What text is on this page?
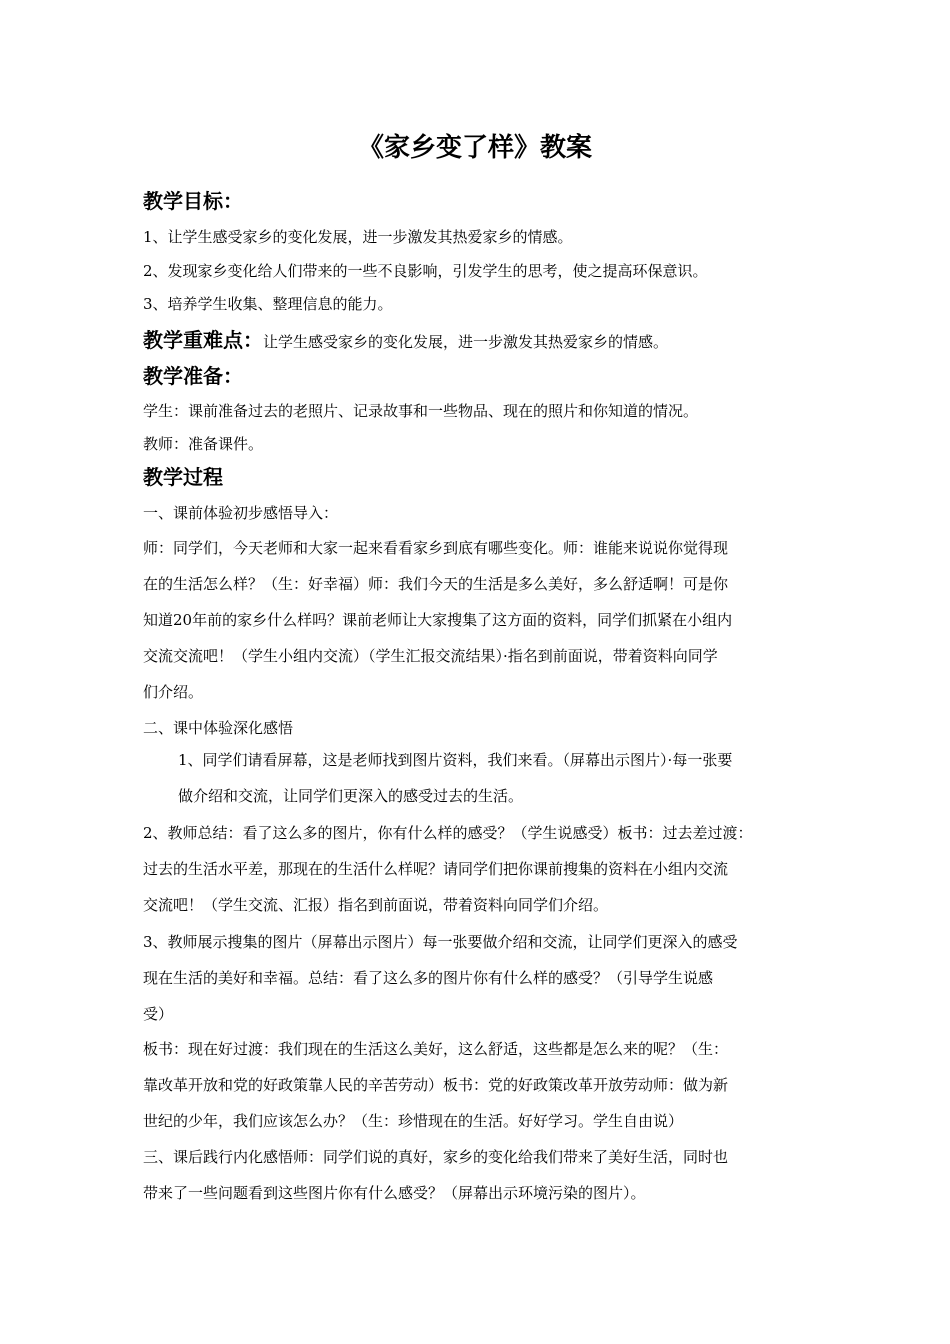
《家乡变了样》教案
教学目标：
1、让学生感受家乡的变化发展，进一步激发其热爱家乡的情感。
2、发现家乡变化给人们带来的一些不良影响，引发学生的思考，使之提高环保意识。
3、培养学生收集、整理信息的能力。
教学重难点：让学生感受家乡的变化发展，进一步激发其热爱家乡的情感。
教学准备：
学生：课前准备过去的老照片、记录故事和一些物品、现在的照片和你知道的情况。
教师：准备课件。
教学过程
一、课前体验初步感悟导入：
师：同学们，今天老师和大家一起来看看家乡到底有哪些变化。师：谁能来说说你觉得现
在的生活怎么样？（生：好幸福）师：我们今天的生活是多么美好，多么舒适啊！可是你
知道20年前的家乡什么样吗？课前老师让大家搜集了这方面的资料，同学们抓紧在小组内
交流交流吧！（学生小组内交流）（学生汇报交流结果）·指名到前面说，带着资料向同学
们介绍。
二、课中体验深化感悟
1、同学们请看屏幕，这是老师找到图片资料，我们来看。（屏幕出示图片）·每一张要
做介绍和交流，让同学们更深入的感受过去的生活。
2、教师总结：看了这么多的图片，你有什么样的感受？（学生说感受）板书：过去差过渡：
过去的生活水平差，那现在的生活什么样呢？请同学们把你课前搜集的资料在小组内交流
交流吧！（学生交流、汇报）指名到前面说，带着资料向同学们介绍。
3、教师展示搜集的图片（屏幕出示图片）每一张要做介绍和交流，让同学们更深入的感受
现在生活的美好和幸福。总结：看了这么多的图片你有什么样的感受？（引导学生说感
受）
板书：现在好过渡：我们现在的生活这么美好，这么舒适，这些都是怎么来的呢？（生：
靠改革开放和党的好政策靠人民的辛苦劳动）板书：党的好政策改革开放劳动师：做为新
世纪的少年，我们应该怎么办？（生：珍惜现在的生活。好好学习。学生自由说）
三、课后践行内化感悟师：同学们说的真好，家乡的变化给我们带来了美好生活，同时也
带来了一些问题看到这些图片你有什么感受？（屏幕出示环境污染的图片）。
